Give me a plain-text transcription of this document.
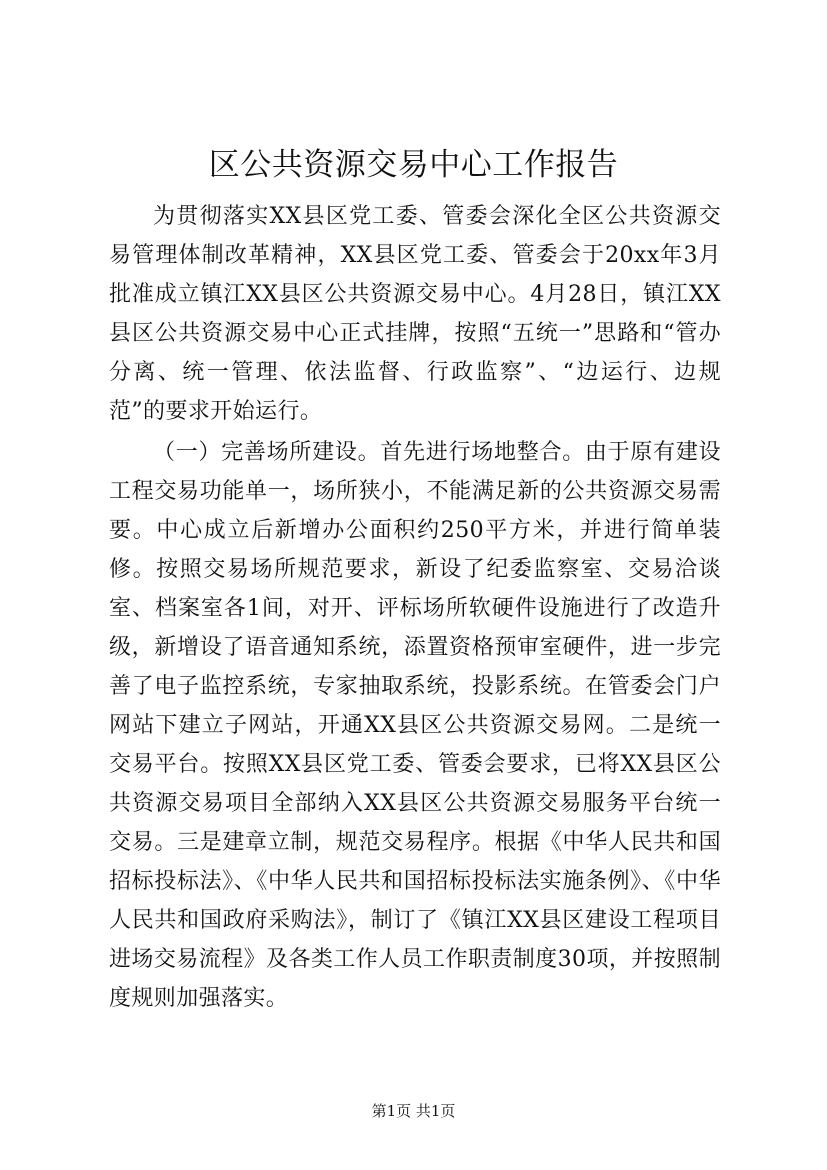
区公共资源交易中心工作报告

为贯彻落实XX县区党工委、管委会深化全区公共资源交易管理体制改革精神，XX县区党工委、管委会于20xx年3月批准成立镇江XX县区公共资源交易中心。4月28日，镇江XX县区公共资源交易中心正式挂牌，按照“五统一”思路和“管办分离、统一管理、依法监督、行政监察”、“边运行、边规范”的要求开始运行。

（一）完善场所建设。首先进行场地整合。由于原有建设工程交易功能单一，场所狭小，不能满足新的公共资源交易需要。中心成立后新增办公面积约250平方米，并进行简单装修。按照交易场所规范要求，新设了纪委监察室、交易洽谈室、档案室各1间，对开、评标场所软硬件设施进行了改造升级，新增设了语音通知系统，添置资格预审室硬件，进一步完善了电子监控系统，专家抽取系统，投影系统。在管委会门户网站下建立子网站，开通XX县区公共资源交易网。二是统一交易平台。按照XX县区党工委、管委会要求，已将XX县区公共资源交易项目全部纳入XX县区公共资源交易服务平台统一交易。三是建章立制，规范交易程序。根据《中华人民共和国招标投标法》、《中华人民共和国招标投标法实施条例》、《中华人民共和国政府采购法》，制订了《镇江XX县区建设工程项目进场交易流程》及各类工作人员工作职责制度30项，并按照制度规则加强落实。

第1页 共1页
